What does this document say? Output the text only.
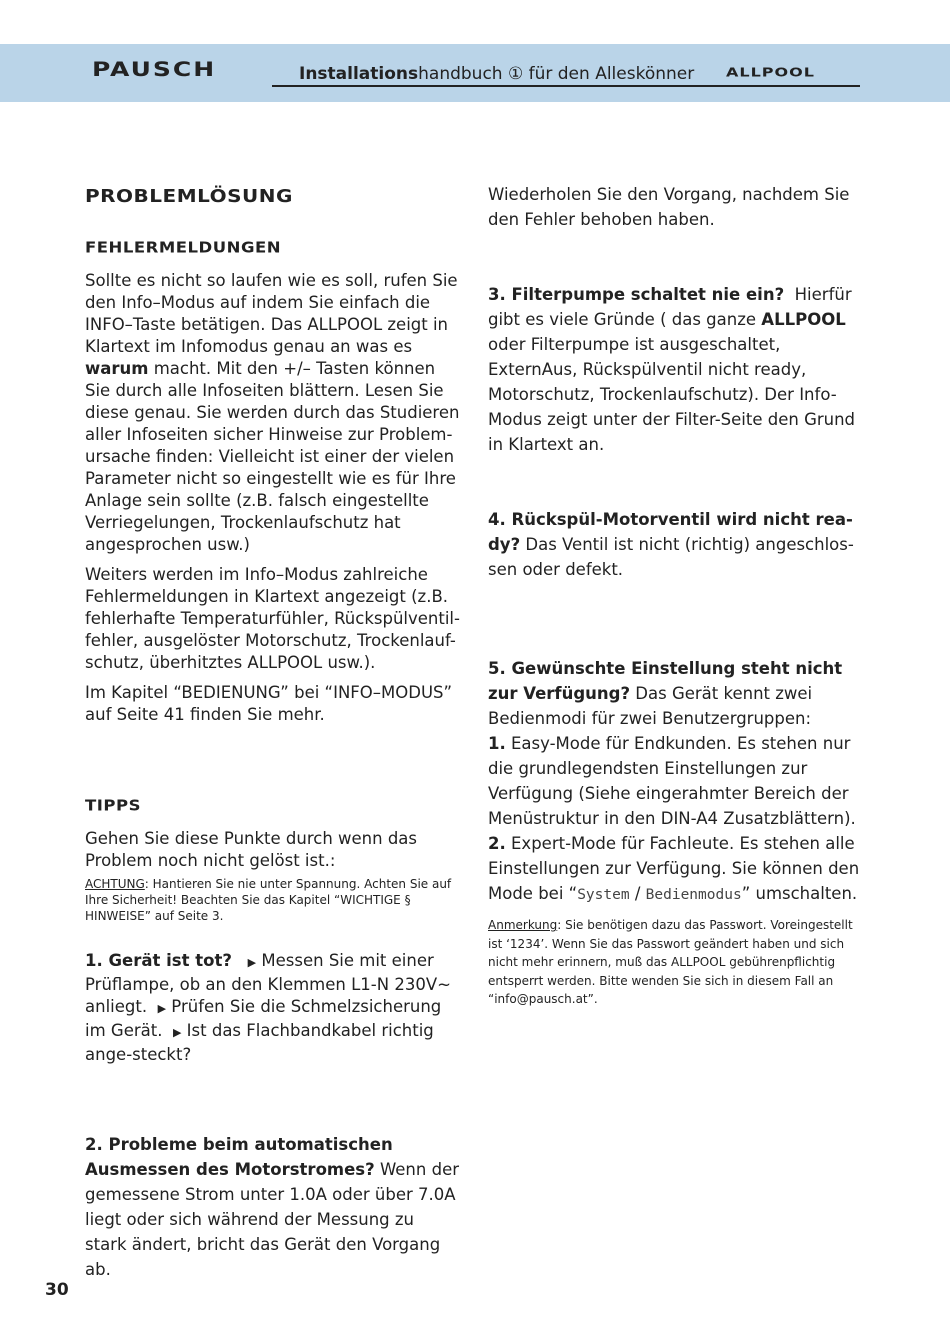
PAUSCH	Installationshandbuch ① für den Alleskönner ALLPOOL
PROBLEMLÖSUNG
FEHLERMELDUNGEN

Sollte es nicht so laufen wie es soll, rufen Sie den Info–Modus auf indem Sie einfach die INFO–Taste betätigen. Das ALLPOOL zeigt in Klartext im Infomodus genau an was es warum macht. Mit den +/– Tasten können Sie durch alle Infoseiten blättern. Lesen Sie diese genau. Sie werden durch das Studieren aller Infoseiten sicher Hinweise zur Problem-ursache finden: Vielleicht ist einer der vielen Parameter nicht so eingestellt wie es für Ihre Anlage sein sollte (z.B. falsch eingestellte Verriegelungen, Trockenlaufschutz hat angesprochen usw.)

Weiters werden im Info–Modus zahlreiche Fehlermeldungen in Klartext angezeigt (z.B. fehlerhafte Temperaturfühler, Rückspülventil-fehler, ausgelöster Motorschutz, Trockenlauf-schutz, überhitztes ALLPOOL usw.).

Im Kapitel “BEDIENUNG” bei “INFO–MODUS” auf Seite 41 finden Sie mehr.

TIPPS

Gehen Sie diese Punkte durch wenn das Problem noch nicht gelöst ist.:

ACHTUNG: Hantieren Sie nie unter Spannung. Achten Sie auf Ihre Sicherheit! Beachten Sie das Kapitel “WICHTIGE § HINWEISE” auf Seite 3.

1. Gerät ist tot? ▶ Messen Sie mit einer Prüflampe, ob an den Klemmen L1-N 230V~ anliegt. ▶ Prüfen Sie die Schmelzsicherung im Gerät. ▶ Ist das Flachbandkabel richtig ange-steckt?

2. Probleme beim automatischen Ausmessen des Motorstromes? Wenn der gemessene Strom unter 1.0A oder über 7.0A liegt oder sich während der Messung zu stark ändert, bricht das Gerät den Vorgang ab.

Wiederholen Sie den Vorgang, nachdem Sie den Fehler behoben haben.

3. Filterpumpe schaltet nie ein? Hierfür gibt es viele Gründe ( das ganze ALLPOOL oder Filterpumpe ist ausgeschaltet, ExternAus, Rückspülventil nicht ready, Motorschutz, Trockenlaufschutz). Der Info-Modus zeigt unter der Filter-Seite den Grund in Klartext an.

4. Rückspül-Motorventil wird nicht rea-dy? Das Ventil ist nicht (richtig) angeschlos-sen oder defekt.

5. Gewünschte Einstellung steht nicht zur Verfügung? Das Gerät kennt zwei Bedienmodi für zwei Benutzergruppen:

1. Easy-Mode für Endkunden. Es stehen nur die grundlegendsten Einstellungen zur Verfügung (Siehe eingerahmter Bereich der Menüstruktur in den DIN-A4 Zusatzblättern).

2. Expert-Mode für Fachleute. Es stehen alle Einstellungen zur Verfügung. Sie können den Mode bei “System / Bedienmodus” umschalten.

Anmerkung: Sie benötigen dazu das Passwort. Voreingestellt ist ‘1234’. Wenn Sie das Passwort geändert haben und sich nicht mehr erinnern, muß das ALLPOOL gebührenpflichtig entsperrt werden. Bitte wenden Sie sich in diesem Fall an “info@pausch.at”.

30
